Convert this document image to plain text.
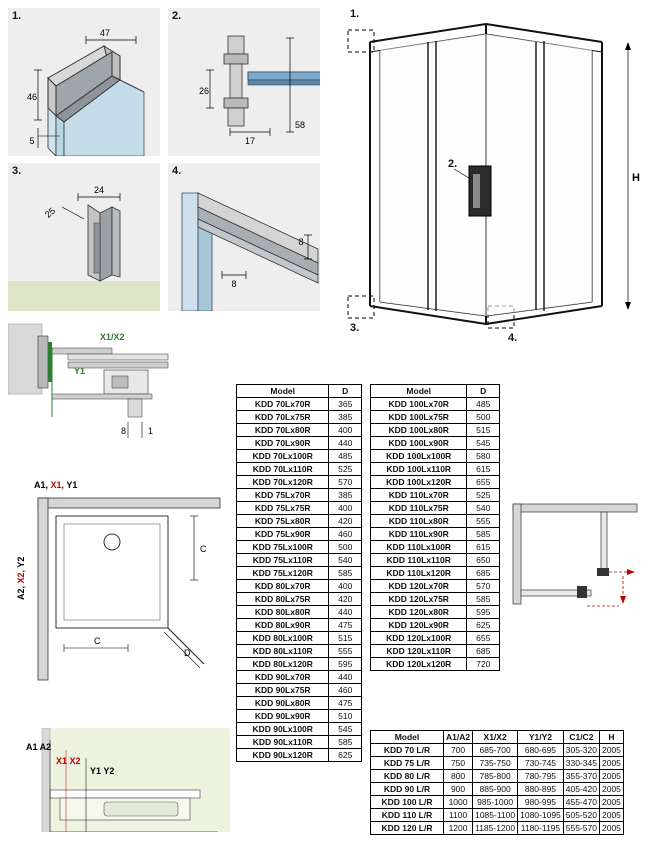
47
46
5
1.
26
17
58
2.
25
24
3.
8
8
4.
X1/X2
Y1
8 1
A1, X1, Y1
A2, X2, Y2
C
C
D
A1 A2
X1 X2
Y1 Y2
H
1.
2.
3.
4.
Model	D
KDD 70Lx70R	365
KDD 70Lx75R	385
KDD 70Lx80R	400
KDD 70Lx90R	440
KDD 70Lx100R	485
KDD 70Lx110R	525
KDD 70Lx120R	570
KDD 75Lx70R	385
KDD 75Lx75R	400
KDD 75Lx80R	420
KDD 75Lx90R	460
KDD 75Lx100R	500
KDD 75Lx110R	540
KDD 75Lx120R	585
KDD 80Lx70R	400
KDD 80Lx75R	420
KDD 80Lx80R	440
KDD 80Lx90R	475
KDD 80Lx100R	515
KDD 80Lx110R	555
KDD 80Lx120R	595
KDD 90Lx70R	440
KDD 90Lx75R	460
KDD 90Lx80R	475
KDD 90Lx90R	510
KDD 90Lx100R	545
KDD 90Lx110R	585
KDD 90Lx120R	625
Model	D
KDD 100Lx70R	485
KDD 100Lx75R	500
KDD 100Lx80R	515
KDD 100Lx90R	545
KDD 100Lx100R	580
KDD 100Lx110R	615
KDD 100Lx120R	655
KDD 110Lx70R	525
KDD 110Lx75R	540
KDD 110Lx80R	555
KDD 110Lx90R	585
KDD 110Lx100R	615
KDD 110Lx110R	650
KDD 110Lx120R	685
KDD 120Lx70R	570
KDD 120Lx75R	585
KDD 120Lx80R	595
KDD 120Lx90R	625
KDD 120Lx100R	655
KDD 120Lx110R	685
KDD 120Lx120R	720
Model	A1/A2	X1/X2	Y1/Y2	C1/C2	H
KDD 70 L/R	700	685-700	680-695	305-320	2005
KDD 75 L/R	750	735-750	730-745	330-345	2005
KDD 80 L/R	800	785-800	780-795	355-370	2005
KDD 90 L/R	900	885-900	880-895	405-420	2005
KDD 100 L/R	1000	985-1000	980-995	455-470	2005
KDD 110 L/R	1100	1085-1100	1080-1095	505-520	2005
KDD 120 L/R	1200	1185-1200	1180-1195	555-570	2005
